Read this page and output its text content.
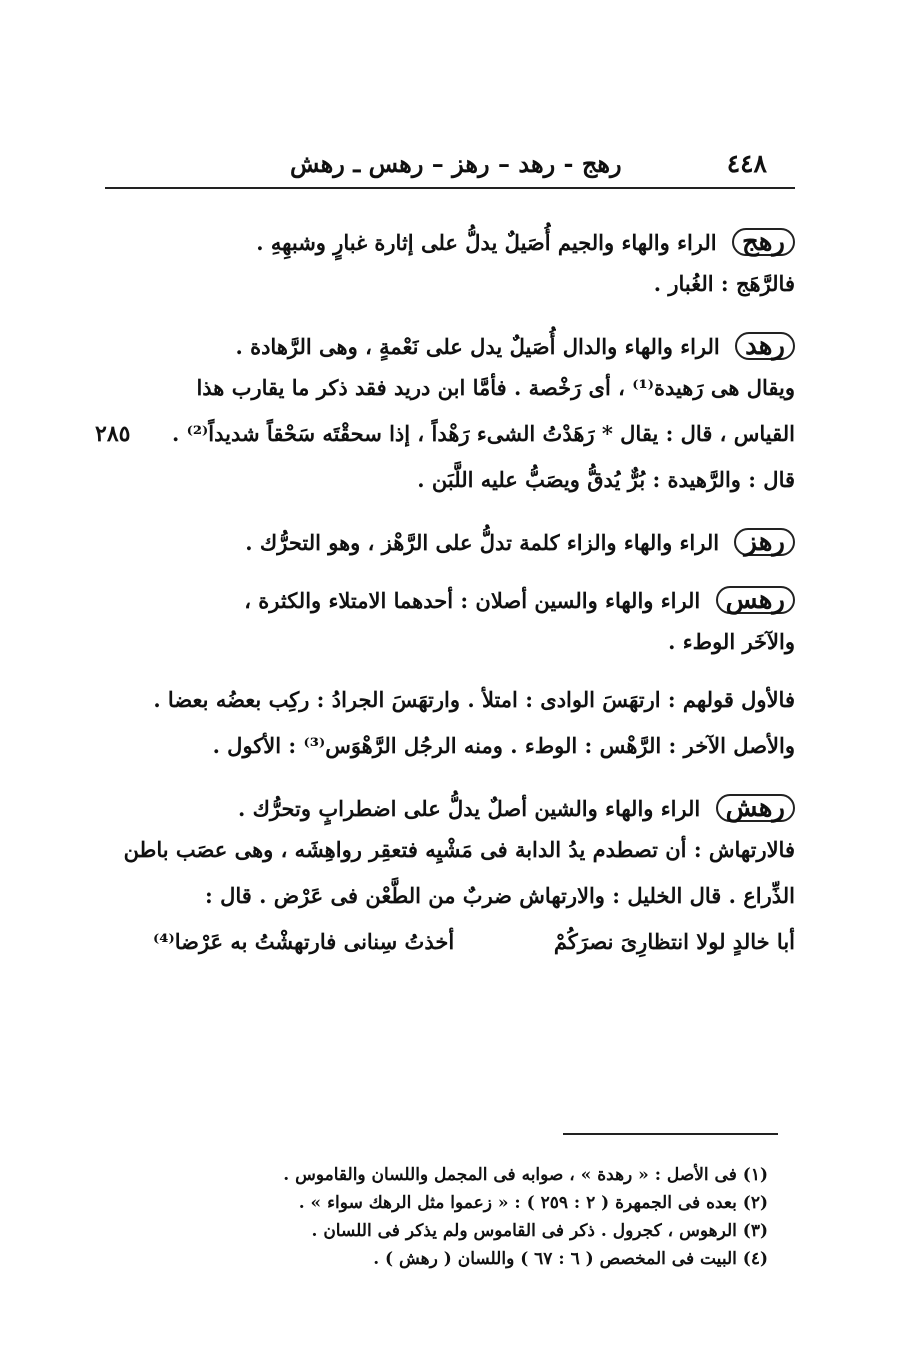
٤٤٨
رهج - رهد – رهز – رهس ـ رهش
رهج الراء والهاء والجيم أُصَيلٌ يدلُّ على إثارة غبارٍ وشبهِهِ .
فالرَّهَج : الغُبار .
رهد الراء والهاء والدال أُصَيلٌ يدل على نَعْمةٍ ، وهى الرَّهادة .
ويقال هى رَهيدة⁽¹⁾ ، أى رَخْصة . فأمَّا ابن دريد فقد ذكر ما يقارب هذا
٢٨٥ القياس ، قال : يقال * رَهَدْتُ الشىء رَهْداً ، إذا سحقْتَه سَحْقاً شديداً⁽²⁾ .
قال : والرَّهيدة : بُرٌّ يُدقُّ ويصَبُّ عليه اللَّبَن .
رهز الراء والهاء والزاء كلمة تدلُّ على الرَّهْز ، وهو التحرُّك .
رهس الراء والهاء والسين أصلان : أحدهما الامتلاء والكثرة ،
والآخَر الوطء .
فالأول قولهم : ارتهَسَ الوادى : امتلأ . وارتهَسَ الجرادُ : ركِب بعضُه بعضا .
والأصل الآخر : الرَّهْس : الوطء . ومنه الرجُل الرَّهْوَس⁽³⁾ : الأكول .
رهش الراء والهاء والشين أصلٌ يدلُّ على اضطرابٍ وتحرُّك .
فالارتهاش : أن تصطدم يدُ الدابة فى مَشْيِه فتعقِر رواهِشَه ، وهى عصَب باطن
الذِّراع . قال الخليل : والارتهاش ضربٌ من الطَّعْن فى عَرْض . قال :
أبا خالدٍ لولا انتظارِىَ نصرَكُمْ
أخذتُ سِنانى فارتهشْتُ به عَرْضا⁽⁴⁾
(١) فى الأصل : « رهدة » ، صوابه فى المجمل واللسان والقاموس .
(٢) بعده فى الجمهرة ( ٢ : ٢٥٩ ) : « زعموا مثل الرهك سواء » .
(٣) الرهوس ، كجرول . ذكر فى القاموس ولم يذكر فى اللسان .
(٤) البيت فى المخصص ( ٦ : ٦٧ ) واللسان ( رهش ) .
